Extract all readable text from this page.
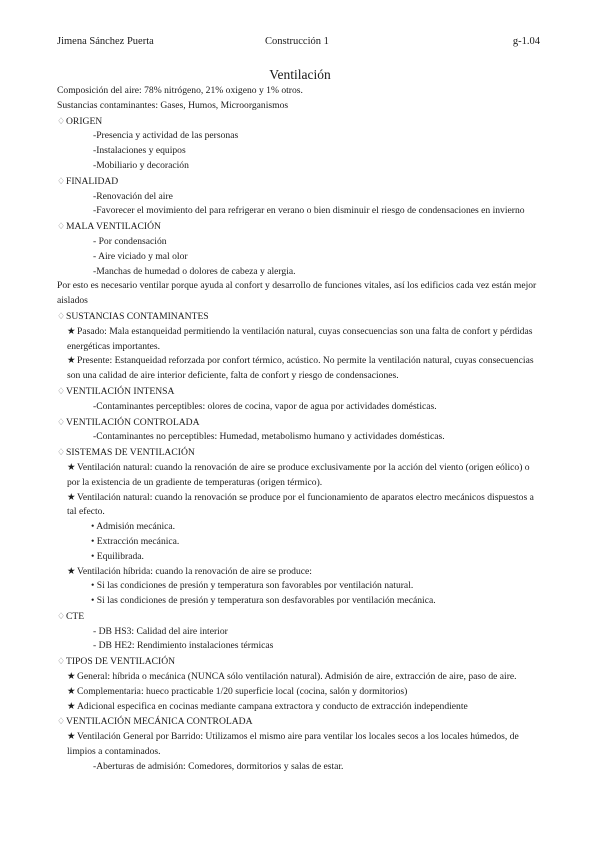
Jimena Sánchez Puerta	Construcción 1	g-1.04
Ventilación

Composición del aire: 78% nitrógeno, 21% oxigeno y 1% otros.

Sustancias contaminantes: Gases, Humos, Microorganismos

♢ORIGEN

-Presencia y actividad de las personas

-Instalaciones y equipos

-Mobiliario y decoración

♢FINALIDAD

-Renovación del aire

-Favorecer el movimiento del para refrigerar en verano o bien disminuir el riesgo de condensaciones en invierno

♢MALA VENTILACIÓN

- Por condensación

- Aire viciado y mal olor

-Manchas de humedad o dolores de cabeza y alergia.

Por esto es necesario ventilar porque ayuda al confort y desarrollo de funciones vitales, así los edificios cada vez están mejor aislados

♢SUSTANCIAS CONTAMINANTES

★Pasado: Mala estanqueidad permitiendo la ventilación natural, cuyas consecuencias son una falta de confort y pérdidas energéticas importantes.

★Presente: Estanqueidad reforzada por confort térmico, acústico. No permite la ventilación natural, cuyas consecuencias son una calidad de aire interior deficiente, falta de confort y riesgo de condensaciones.

♢VENTILACIÓN INTENSA

-Contaminantes perceptibles: olores de cocina, vapor de agua por actividades domésticas.

♢VENTILACIÓN CONTROLADA

-Contaminantes no perceptibles: Humedad, metabolismo humano y actividades domésticas.

♢SISTEMAS DE VENTILACIÓN

★Ventilación natural: cuando la renovación de aire se produce exclusivamente por la acción del viento (origen eólico) o por la existencia de un gradiente de temperaturas (origen térmico).

★Ventilación natural: cuando la renovación se produce por el funcionamiento de aparatos electro mecánicos dispuestos a tal efecto.

• Admisión mecánica.

• Extracción mecánica.

• Equilibrada.

★Ventilación híbrida: cuando la renovación de aire se produce:

• Si las condiciones de presión y temperatura son favorables por ventilación natural.

• Si las condiciones de presión y temperatura son desfavorables por ventilación mecánica.

♢CTE

- DB HS3: Calidad del aire interior

- DB HE2: Rendimiento instalaciones térmicas

♢TIPOS DE VENTILACIÓN

★General: híbrida o mecánica (NUNCA sólo ventilación natural). Admisión de aire, extracción de aire, paso de aire.

★Complementaria: hueco practicable 1/20 superficie local (cocina, salón y dormitorios)

★Adicional especifica en cocinas mediante campana extractora y conducto de extracción independiente

♢VENTILACIÓN MECÁNICA CONTROLADA

★Ventilación General por Barrido: Utilizamos el mismo aire para ventilar los locales secos a los locales húmedos, de limpios a contaminados.

-Aberturas de admisión: Comedores, dormitorios y salas de estar.
